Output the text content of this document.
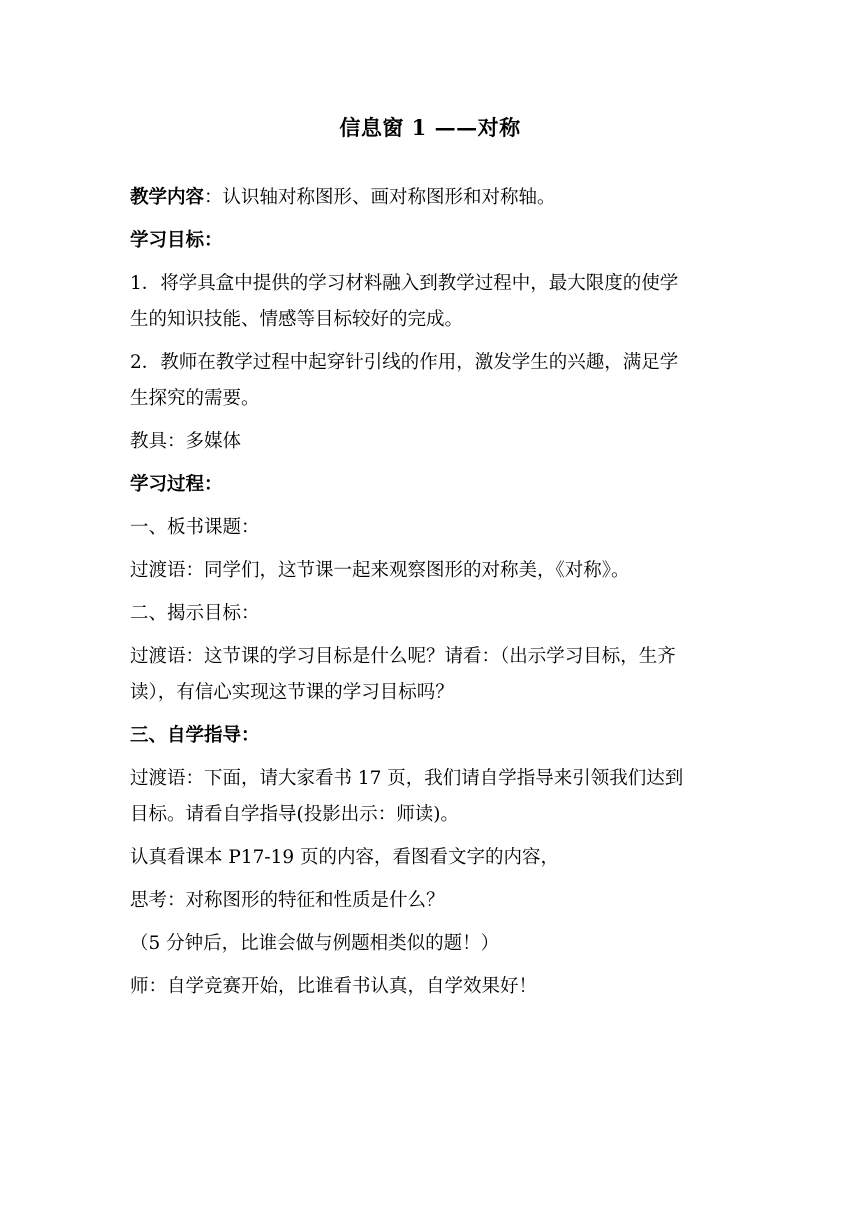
信息窗 1 ——对称
教学内容：认识轴对称图形、画对称图形和对称轴。
学习目标：
1．将学具盒中提供的学习材料融入到教学过程中，最大限度的使学
生的知识技能、情感等目标较好的完成。
2．教师在教学过程中起穿针引线的作用，激发学生的兴趣，满足学
生探究的需要。
教具：多媒体
学习过程：
一、板书课题：
过渡语：同学们，这节课一起来观察图形的对称美，《对称》。
二、揭示目标：
过渡语：这节课的学习目标是什么呢？请看：（出示学习目标，生齐
读），有信心实现这节课的学习目标吗？
三、自学指导：
过渡语：下面，请大家看书 17 页，我们请自学指导来引领我们达到
目标。请看自学指导(投影出示：师读)。
认真看课本 P17-19 页的内容，看图看文字的内容，
思考：对称图形的特征和性质是什么？
（5 分钟后，比谁会做与例题相类似的题！）
师：自学竞赛开始，比谁看书认真，自学效果好！
